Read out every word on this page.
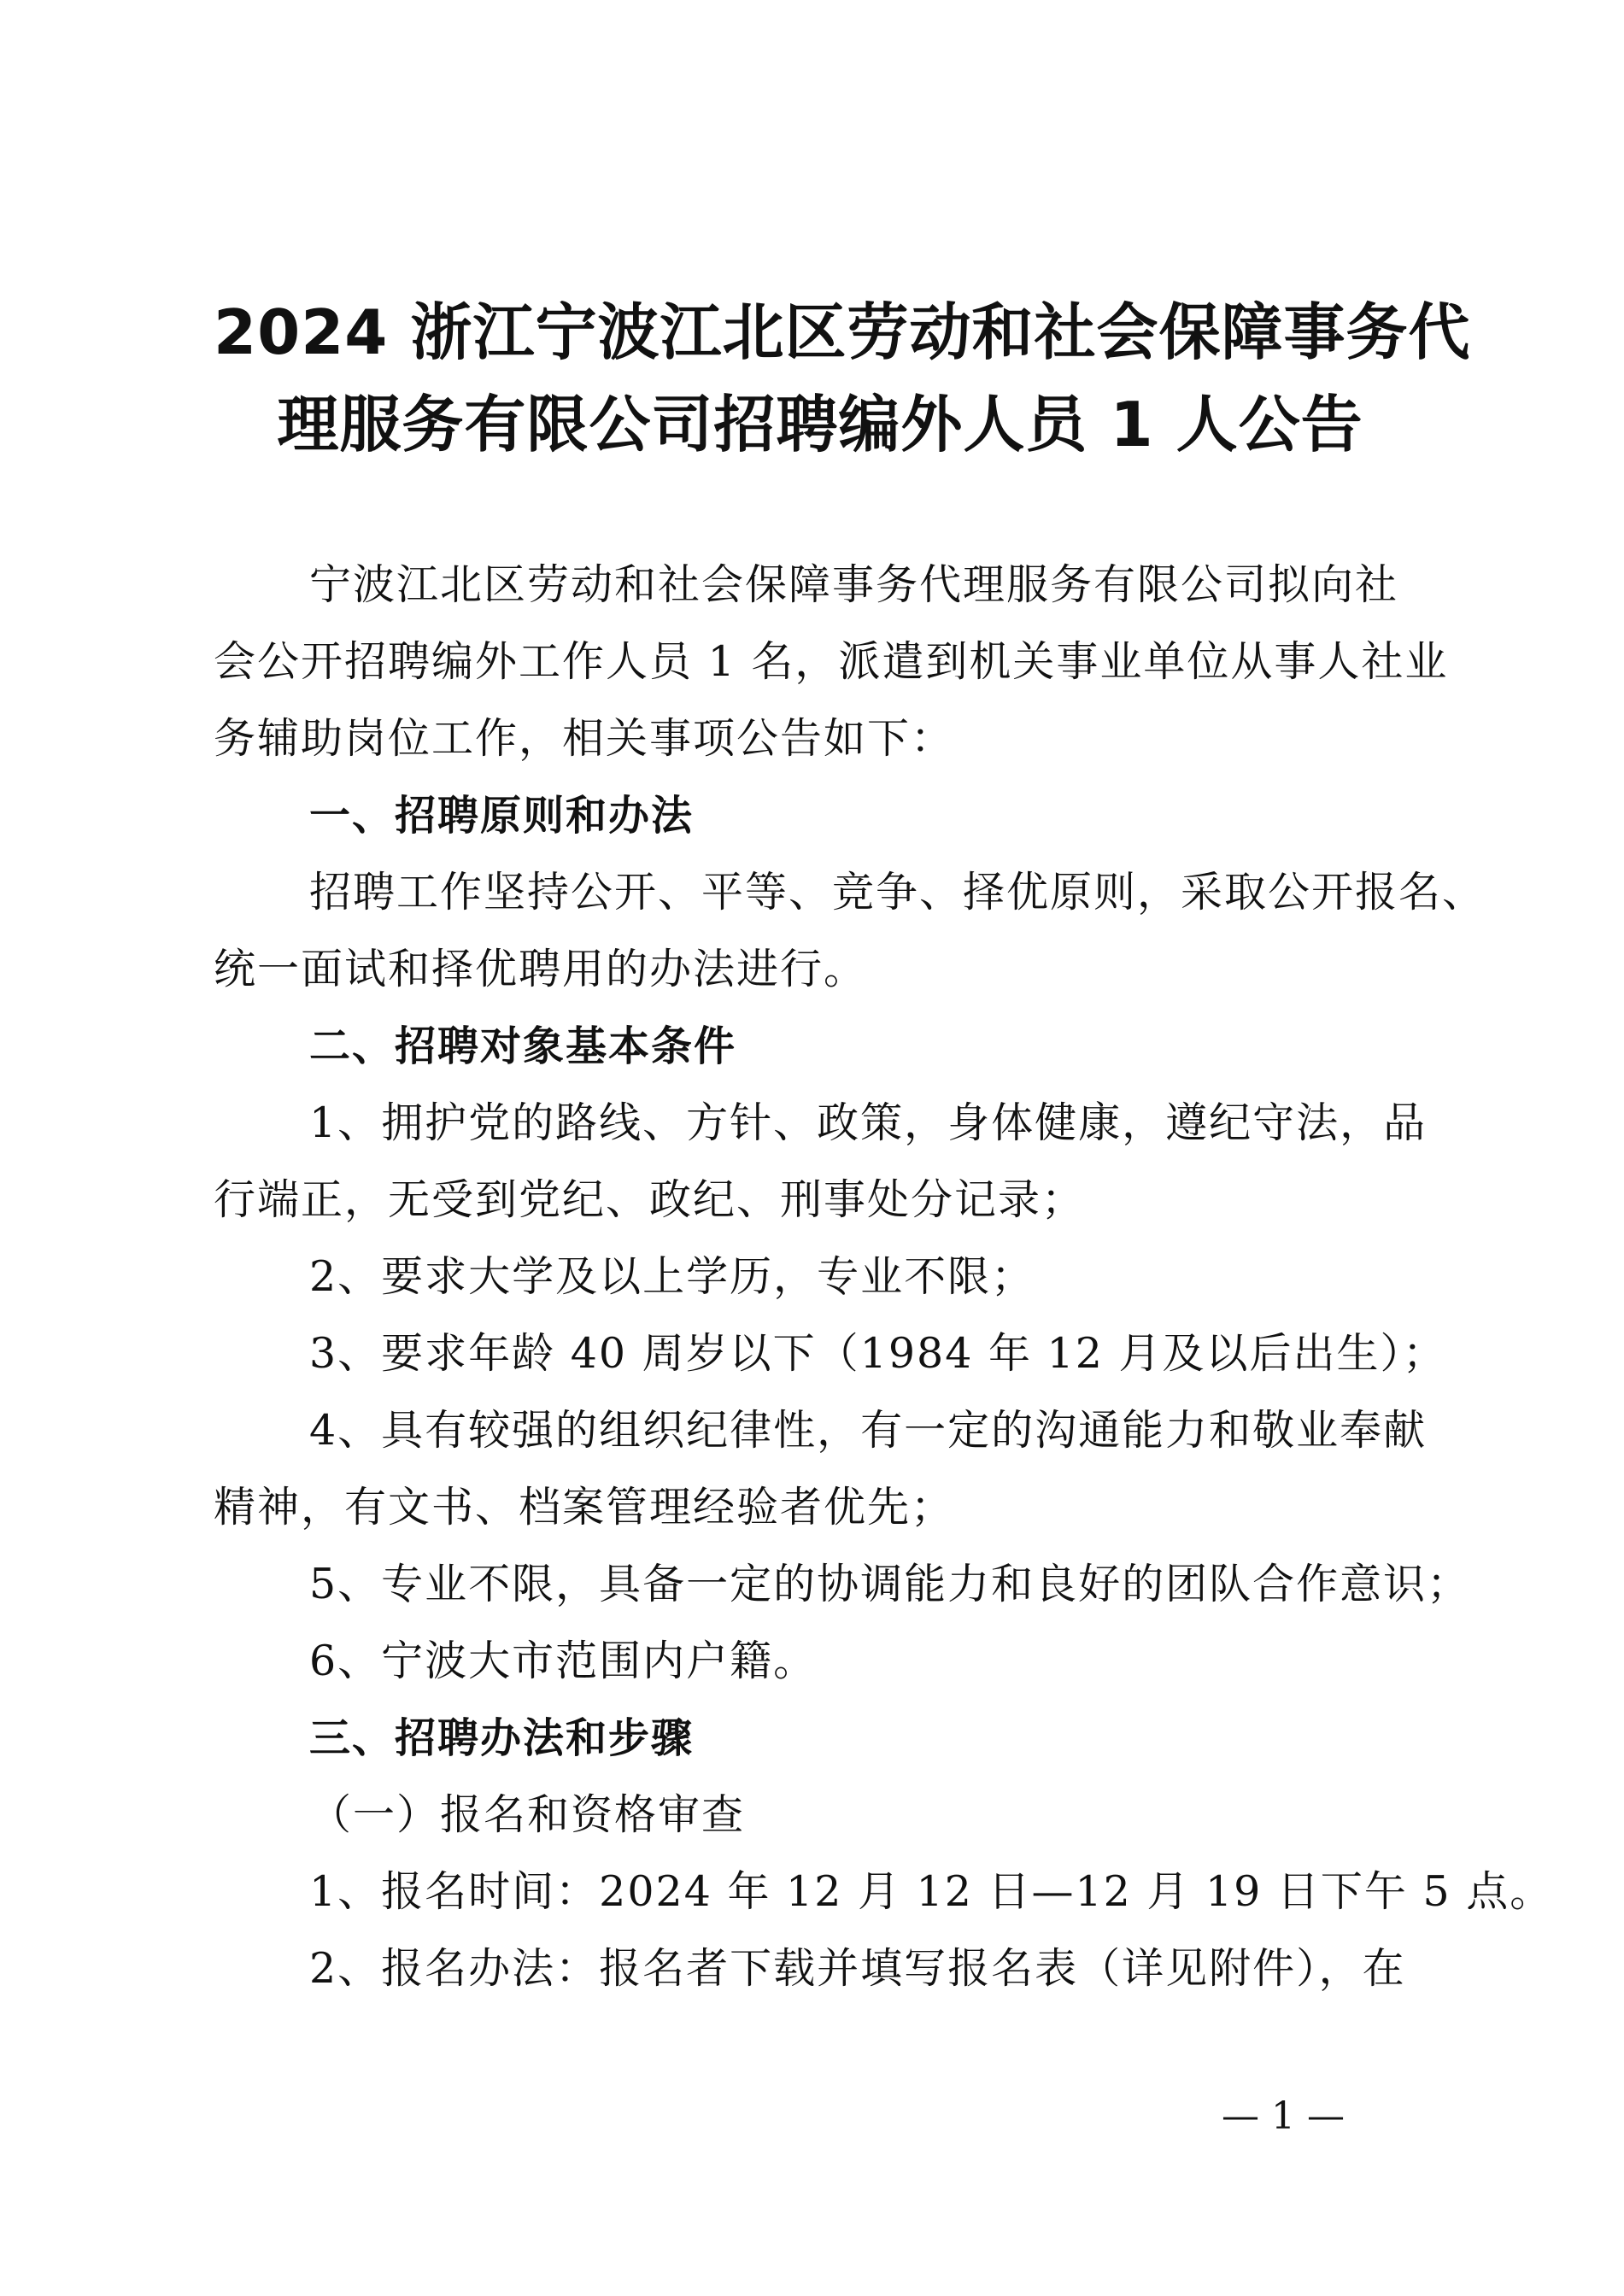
2024 浙江宁波江北区劳动和社会保障事务代
理服务有限公司招聘编外人员 1 人公告
宁波江北区劳动和社会保障事务代理服务有限公司拟向社
会公开招聘编外工作人员 1 名，派遣到机关事业单位从事人社业
务辅助岗位工作，相关事项公告如下：
一、招聘原则和办法
招聘工作坚持公开、平等、竞争、择优原则，采取公开报名、
统一面试和择优聘用的办法进行。
二、招聘对象基本条件
1、拥护党的路线、方针、政策，身体健康，遵纪守法，品
行端正，无受到党纪、政纪、刑事处分记录；
2、要求大学及以上学历，专业不限；
3、要求年龄 40 周岁以下（1984 年 12 月及以后出生）；
4、具有较强的组织纪律性，有一定的沟通能力和敬业奉献
精神，有文书、档案管理经验者优先；
5、专业不限，具备一定的协调能力和良好的团队合作意识；
6、宁波大市范围内户籍。
三、招聘办法和步骤
（一）报名和资格审查
1、报名时间：2024 年 12 月 12 日—12 月 19 日下午 5 点。
2、报名办法：报名者下载并填写报名表（详见附件），在
— 1 —
